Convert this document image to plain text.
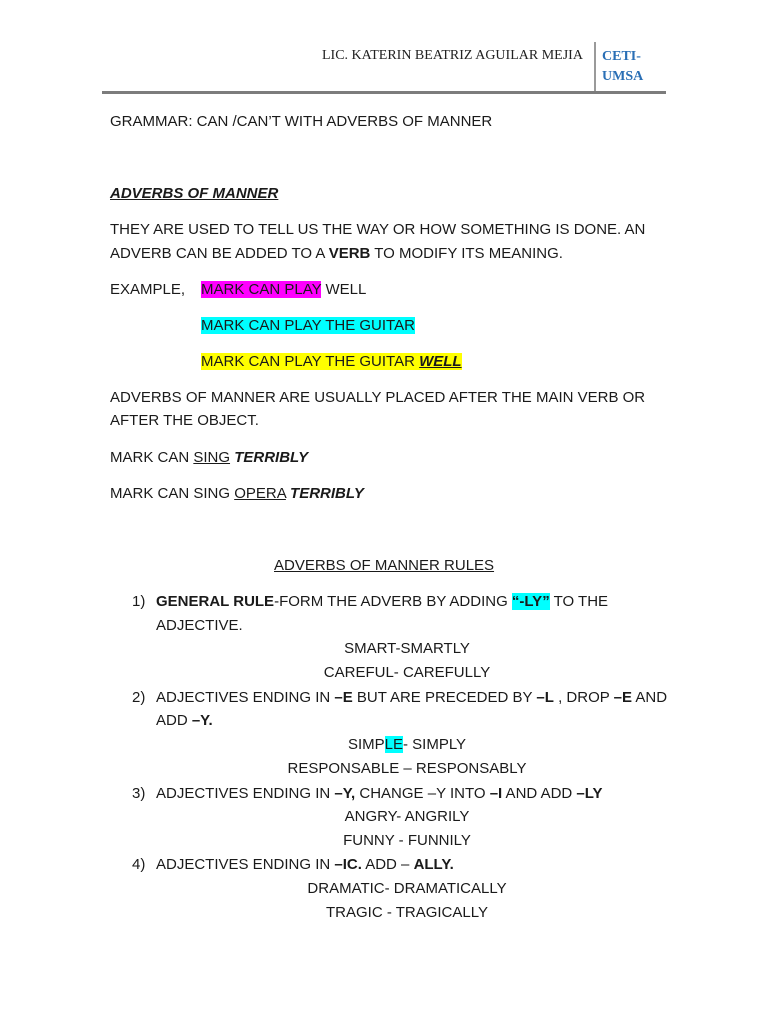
LIC. KATERIN BEATRIZ AGUILAR MEJIA CETI-
UMSA
GRAMMAR: CAN /CAN’T WITH ADVERBS OF MANNER
ADVERBS OF MANNER
THEY ARE USED TO TELL US THE WAY OR HOW SOMETHING IS DONE. AN
ADVERB CAN BE ADDED TO A VERB TO MODIFY ITS MEANING.
EXAMPLE, MARK CAN PLAY WELL
MARK CAN PLAY THE GUITAR
MARK CAN PLAY THE GUITAR WELL
ADVERBS OF MANNER ARE USUALLY PLACED AFTER THE MAIN VERB OR
AFTER THE OBJECT.
MARK CAN SING TERRIBLY
MARK CAN SING OPERA TERRIBLY
ADVERBS OF MANNER RULES
1) GENERAL RULE-FORM THE ADVERB BY ADDING “-LY” TO THE
ADJECTIVE.
SMART-SMARTLY
CAREFUL- CAREFULLY
2) ADJECTIVES ENDING IN –E BUT ARE PRECEDED BY –L , DROP –E AND
ADD –Y.
SIMPLE- SIMPLY
RESPONSABLE – RESPONSABLY
3) ADJECTIVES ENDING IN –Y, CHANGE –Y INTO –I AND ADD –LY
ANGRY- ANGRILY
FUNNY - FUNNILY
4) ADJECTIVES ENDING IN –IC. ADD – ALLY.
DRAMATIC- DRAMATICALLY
TRAGIC - TRAGICALLY
